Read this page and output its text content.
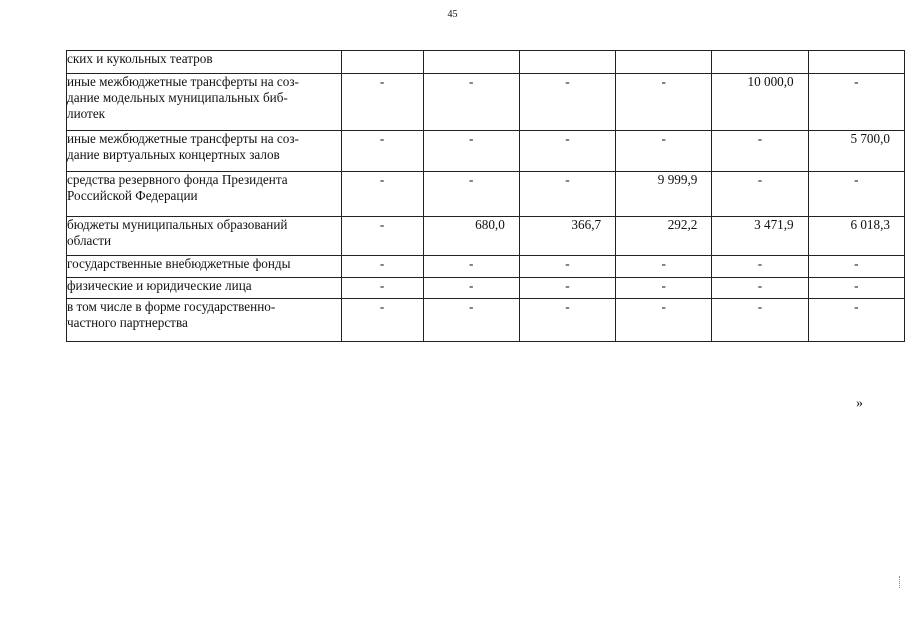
45
ских и кукольных театров						

иные межбюджетные трансферты на соз-
дание модельных муниципальных биб-
лиотек	-	-	-	-	10 000,0	-

иные межбюджетные трансферты на соз-
дание виртуальных концертных залов	-	-	-	-	-	5 700,0

средства резервного фонда Президента
Российской Федерации	-	-	-	9 999,9	-	-

бюджеты муниципальных образований
области	-	680,0	366,7	292,2	3 471,9	6 018,3

государственные внебюджетные фонды	-	-	-	-	-	-

физические и юридические лица	-	-	-	-	-	-

в том числе в форме государственно-
частного партнерства	-	-	-	-	-	-
»
